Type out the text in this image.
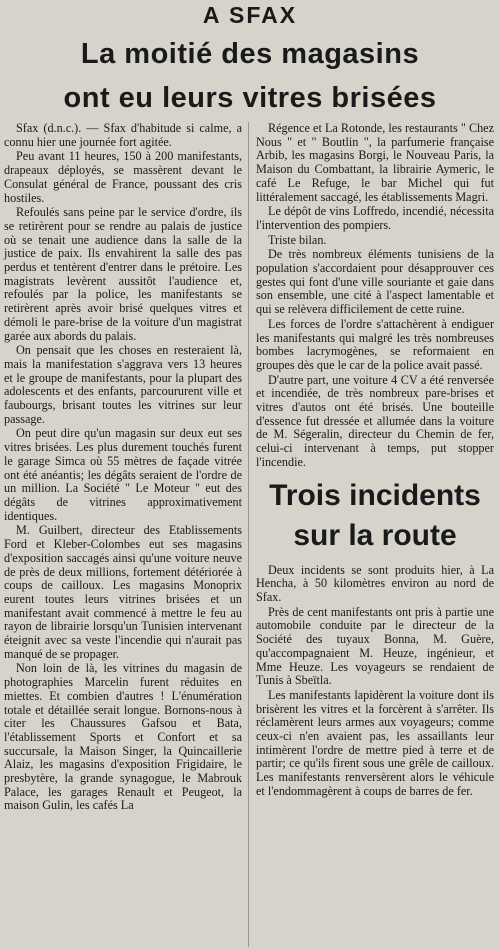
A SFAX
La moitié des magasins
ont eu leurs vitres brisées

Sfax (d.n.c.). — Sfax d'habitude si calme, a connu hier une journée fort agitée.

Peu avant 11 heures, 150 à 200 manifestants, drapeaux déployés, se massèrent devant le Consulat général de France, poussant des cris hostiles.

Refoulés sans peine par le service d'ordre, ils se retirèrent pour se rendre au palais de justice où se tenait une audience dans la salle de la justice de paix. Ils envahirent la salle des pas perdus et tentèrent d'entrer dans le prétoire. Les magistrats levèrent aussitôt l'audience et, refoulés par la police, les manifestants se retirèrent après avoir brisé quelques vitres et démoli le pare-brise de la voiture d'un magistrat garée aux abords du palais.

On pensait que les choses en resteraient là, mais la manifestation s'aggrava vers 13 heures et le groupe de manifestants, pour la plupart des adolescents et des enfants, parcoururent ville et faubourgs, brisant toutes les vitrines sur leur passage.

On peut dire qu'un magasin sur deux eut ses vitres brisées. Les plus durement touchés furent le garage Simca où 55 mètres de façade vitrée ont été anéantis; les dégâts seraient de l'ordre de un million. La Société " Le Moteur " eut des dégâts de vitrines approximativement identiques.

M. Guilbert, directeur des Etablissements Ford et Kleber-Colombes eut ses magasins d'exposition saccagés ainsi qu'une voiture neuve de près de deux millions, fortement détériorée à coups de cailloux. Les magasins Monoprix eurent toutes leurs vitrines brisées et un manifestant avait commencé à mettre le feu au rayon de librairie lorsqu'un Tunisien intervenant éteignit avec sa veste l'incendie qui n'aurait pas manqué de se propager.

Non loin de là, les vitrines du magasin de photographies Marcelin furent réduites en miettes. Et combien d'autres ! L'énumération totale et détaillée serait longue. Bornons-nous à citer les Chaussures Gafsou et Bata, l'établissement Sports et Confort et sa succursale, la Maison Singer, la Quincaillerie Alaiz, les magasins d'exposition Frigidaire, le presbytère, la grande synagogue, le Mabrouk Palace, les garages Renault et Peugeot, la maison Gulin, les cafés La

Régence et La Rotonde, les restaurants " Chez Nous " et " Boutlin ", la parfumerie française Arbib, les magasins Borgi, le Nouveau Paris, la Maison du Combattant, la librairie Aymeric, le café Le Refuge, le bar Michel qui fut littéralement saccagé, les établissements Magri.

Le dépôt de vins Loffredo, incendié, nécessita l'intervention des pompiers.

Triste bilan.

De très nombreux éléments tunisiens de la population s'accordaient pour désapprouver ces gestes qui font d'une ville souriante et gaie dans son ensemble, une cité à l'aspect lamentable et qui se relèvera difficilement de cette ruine.

Les forces de l'ordre s'attachèrent à endiguer les manifestants qui malgré les très nombreuses bombes lacrymogènes, se reformaient en groupes dès que le car de la police avait passé.

D'autre part, une voiture 4 CV a été renversée et incendiée, de très nombreux pare-brises et vitres d'autos ont été brisés. Une bouteille d'essence fut dressée et allumée dans la voiture de M. Ségeralin, directeur du Chemin de fer, celui-ci intervenant à temps, put stopper l'incendie.

Trois incidents
sur la route

Deux incidents se sont produits hier, à La Hencha, à 50 kilomètres environ au nord de Sfax.

Près de cent manifestants ont pris à partie une automobile conduite par le directeur de la Société des tuyaux Bonna, M. Guère, qu'accompagnaient M. Heuze, ingénieur, et Mme Heuze. Les voyageurs se rendaient de Tunis à Sbeïtla.

Les manifestants lapidèrent la voiture dont ils brisèrent les vitres et la forcèrent à s'arrêter. Ils réclamèrent leurs armes aux voyageurs; comme ceux-ci n'en avaient pas, les assaillants leur intimèrent l'ordre de mettre pied à terre et de partir; ce qu'ils firent sous une grêle de cailloux. Les manifestants renversèrent alors le véhicule et l'endommagèrent à coups de barres de fer.
